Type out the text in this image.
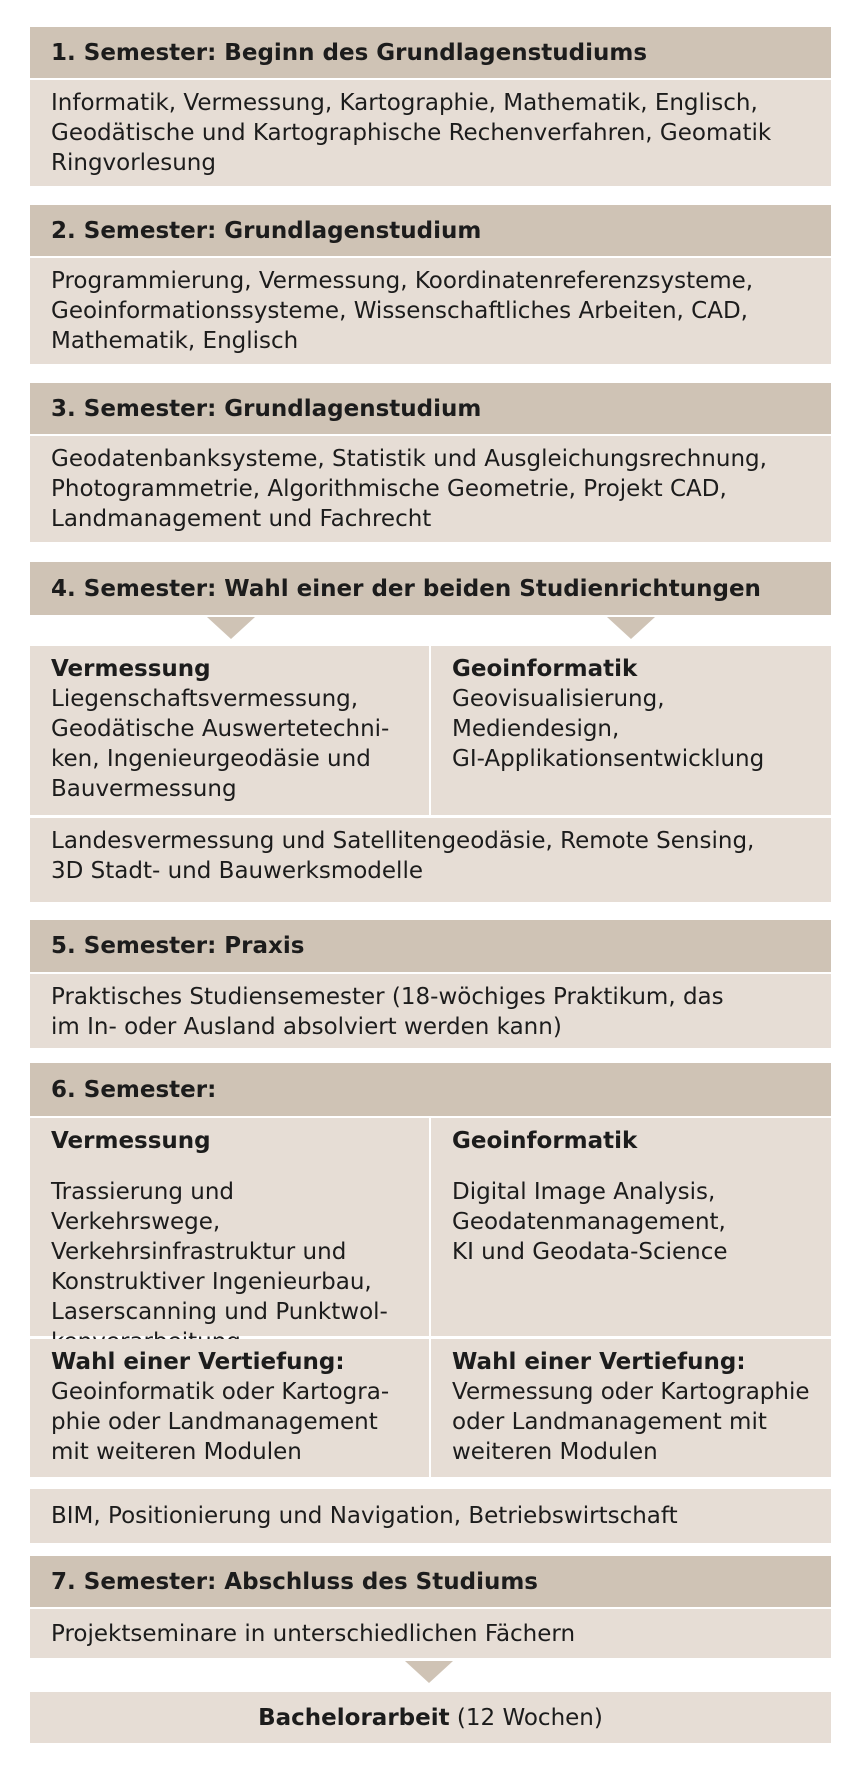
1. Semester: Beginn des Grundlagenstudiums
Informatik, Vermessung, Kartographie, Mathematik, Englisch,
Geodätische und Kartographische Rechenverfahren, Geomatik
Ringvorlesung
2. Semester: Grundlagenstudium
Programmierung, Vermessung, Koordinatenreferenzsysteme,
Geoinformationssysteme, Wissenschaftliches Arbeiten, CAD,
Mathematik, Englisch
3. Semester: Grundlagenstudium
Geodatenbanksysteme, Statistik und Ausgleichungsrechnung,
Photogrammetrie, Algorithmische Geometrie, Projekt CAD,
Landmanagement und Fachrecht
4. Semester: Wahl einer der beiden Studienrichtungen
Vermessung
Liegenschaftsvermessung,
Geodätische Auswertetechni-
ken, Ingenieurgeodäsie und
Bauvermessung
Geoinformatik
Geovisualisierung,
Mediendesign,
GI-Applikationsentwicklung
Landesvermessung und Satellitengeodäsie, Remote Sensing,
3D Stadt- und Bauwerksmodelle
5. Semester: Praxis
Praktisches Studiensemester (18-wöchiges Praktikum, das
im In- oder Ausland absolviert werden kann)
6. Semester:
Vermessung
Trassierung und Verkehrswege,
Verkehrsinfrastruktur und
Konstruktiver Ingenieurbau,
Laserscanning und Punktwol-
Geoinformatik
Digital Image Analysis,
Geodatenmanagement,
KI und Geodata-Science
Wahl einer Vertiefung:
Geoinformatik oder Kartogra-
phie oder Landmanagement
mit weiteren Modulen
Wahl einer Vertiefung:
Vermessung oder Kartographie
oder Landmanagement mit
weiteren Modulen
BIM, Positionierung und Navigation, Betriebswirtschaft
7. Semester: Abschluss des Studiums
Projektseminare in unterschiedlichen Fächern
Bachelorarbeit (12 Wochen)
